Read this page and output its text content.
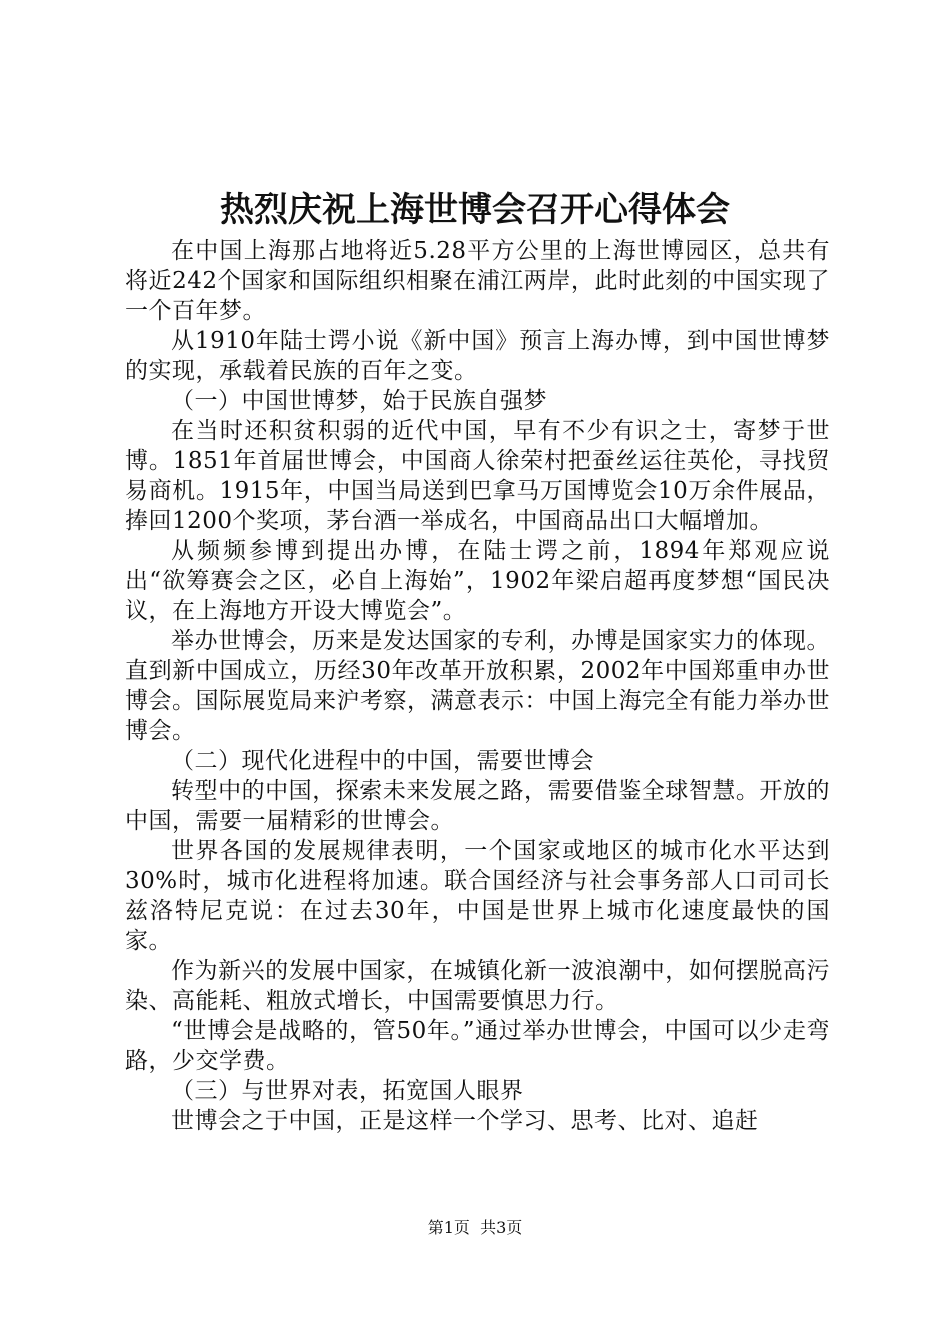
热烈庆祝上海世博会召开心得体会

在中国上海那占地将近5.28平方公里的上海世博园区，总共有将近242个国家和国际组织相聚在浦江两岸，此时此刻的中国实现了一个百年梦。

从1910年陆士谔小说《新中国》预言上海办博，到中国世博梦的实现，承载着民族的百年之变。

（一）中国世博梦，始于民族自强梦

在当时还积贫积弱的近代中国，早有不少有识之士，寄梦于世博。1851年首届世博会，中国商人徐荣村把蚕丝运往英伦，寻找贸易商机。1915年，中国当局送到巴拿马万国博览会10万余件展品，捧回1200个奖项，茅台酒一举成名，中国商品出口大幅增加。

从频频参博到提出办博，在陆士谔之前，1894年郑观应说出“欲筹赛会之区，必自上海始”，1902年梁启超再度梦想“国民决议，在上海地方开设大博览会”。

举办世博会，历来是发达国家的专利，办博是国家实力的体现。直到新中国成立，历经30年改革开放积累，2002年中国郑重申办世博会。国际展览局来沪考察，满意表示：中国上海完全有能力举办世博会。

（二）现代化进程中的中国，需要世博会

转型中的中国，探索未来发展之路，需要借鉴全球智慧。开放的中国，需要一届精彩的世博会。

世界各国的发展规律表明，一个国家或地区的城市化水平达到30%时，城市化进程将加速。联合国经济与社会事务部人口司司长兹洛特尼克说：在过去30年，中国是世界上城市化速度最快的国家。

作为新兴的发展中国家，在城镇化新一波浪潮中，如何摆脱高污染、高能耗、粗放式增长，中国需要慎思力行。

“世博会是战略的，管50年。”通过举办世博会，中国可以少走弯路，少交学费。

（三）与世界对表，拓宽国人眼界

世博会之于中国，正是这样一个学习、思考、比对、追赶

第1页  共3页
